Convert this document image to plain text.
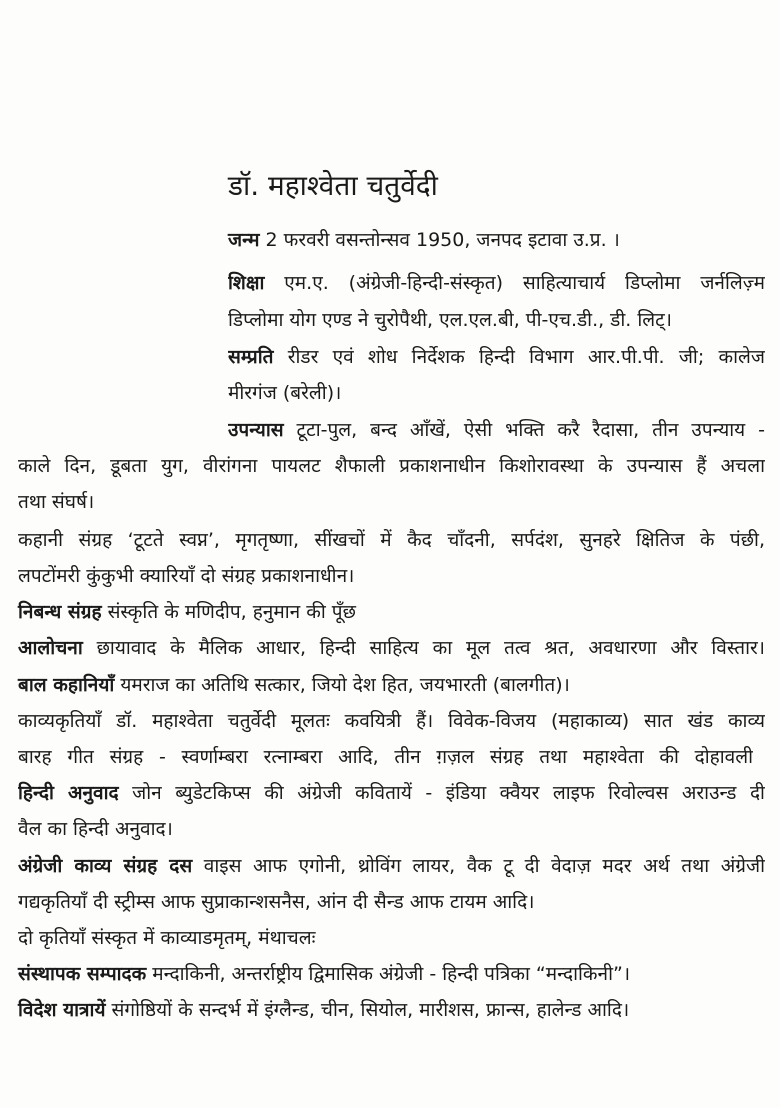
डॉ. महाश्वेता चतुर्वेदी
जन्म 2 फरवरी वसन्तोन्सव 1950, जनपद इटावा उ.प्र. ।
शिक्षा एम.ए. (अंग्रेजी-हिन्दी-संस्कृत) साहित्याचार्य डिप्लोमा जर्नलिज़्म
डिप्लोमा योग एण्ड ने चुरोपैथी, एल.एल.बी, पी-एच.डी., डी. लिट्।
सम्प्रति रीडर एवं शोध निर्देशक हिन्दी विभाग आर.पी.पी. जी; कालेज
मीरगंज (बरेली)।
उपन्यास टूटा-पुल, बन्द आँखें, ऐसी भक्ति करै रैदासा, तीन उपन्याय -
काले दिन, डूबता युग, वीरांगना पायलट शैफाली प्रकाशनाधीन किशोरावस्था के उपन्यास हैं अचला
तथा संघर्ष।
कहानी संग्रह ‘टूटते स्वप्न’, मृगतृष्णा, सींखचों में कैद चाँदनी, सर्पदंश, सुनहरे क्षितिज के पंछी,
लपटोंमरी कुंकुभी क्यारियाँ दो संग्रह प्रकाशनाधीन।
निबन्ध संग्रह संस्कृति के मणिदीप, हनुमान की पूँछ
आलोचना छायावाद के मैलिक आधार, हिन्दी साहित्य का मूल तत्व श्रत, अवधारणा और विस्तार।
बाल कहानियाँ यमराज का अतिथि सत्कार, जियो देश हित, जयभारती (बालगीत)।
काव्यकृतियाँ डॉ. महाश्वेता चतुर्वेदी मूलतः कवयित्री हैं। विवेक-विजय (महाकाव्य) सात खंड काव्य
बारह गीत संग्रह - स्वर्णाम्बरा रत्नाम्बरा आदि, तीन ग़ज़ल संग्रह तथा महाश्वेता की दोहावली
हिन्दी अनुवाद जोन ब्युडेटकिप्स की अंग्रेजी कवितायें - इंडिया क्वैयर लाइफ रिवोल्वस अराउन्ड दी
वैल का हिन्दी अनुवाद।
अंग्रेजी काव्य संग्रह दस वाइस आफ एगोनी, थ्रोविंग लायर, वैक टू दी वेदाज़ मदर अर्थ तथा अंग्रेजी
गद्यकृतियाँ दी स्ट्रीम्स आफ सुप्राकान्शसनैस, आंन दी सैन्ड आफ टायम आदि।
दो कृतियाँ संस्कृत में काव्याडमृतम्, मंथाचलः
संस्थापक सम्पादक मन्दाकिनी, अन्तर्राष्ट्रीय द्विमासिक अंग्रेजी - हिन्दी पत्रिका “मन्दाकिनी”।
विदेश यात्रायें संगोष्ठियों के सन्दर्भ में इंग्लैन्ड, चीन, सियोल, मारीशस, फ्रान्स, हालेन्ड आदि।
